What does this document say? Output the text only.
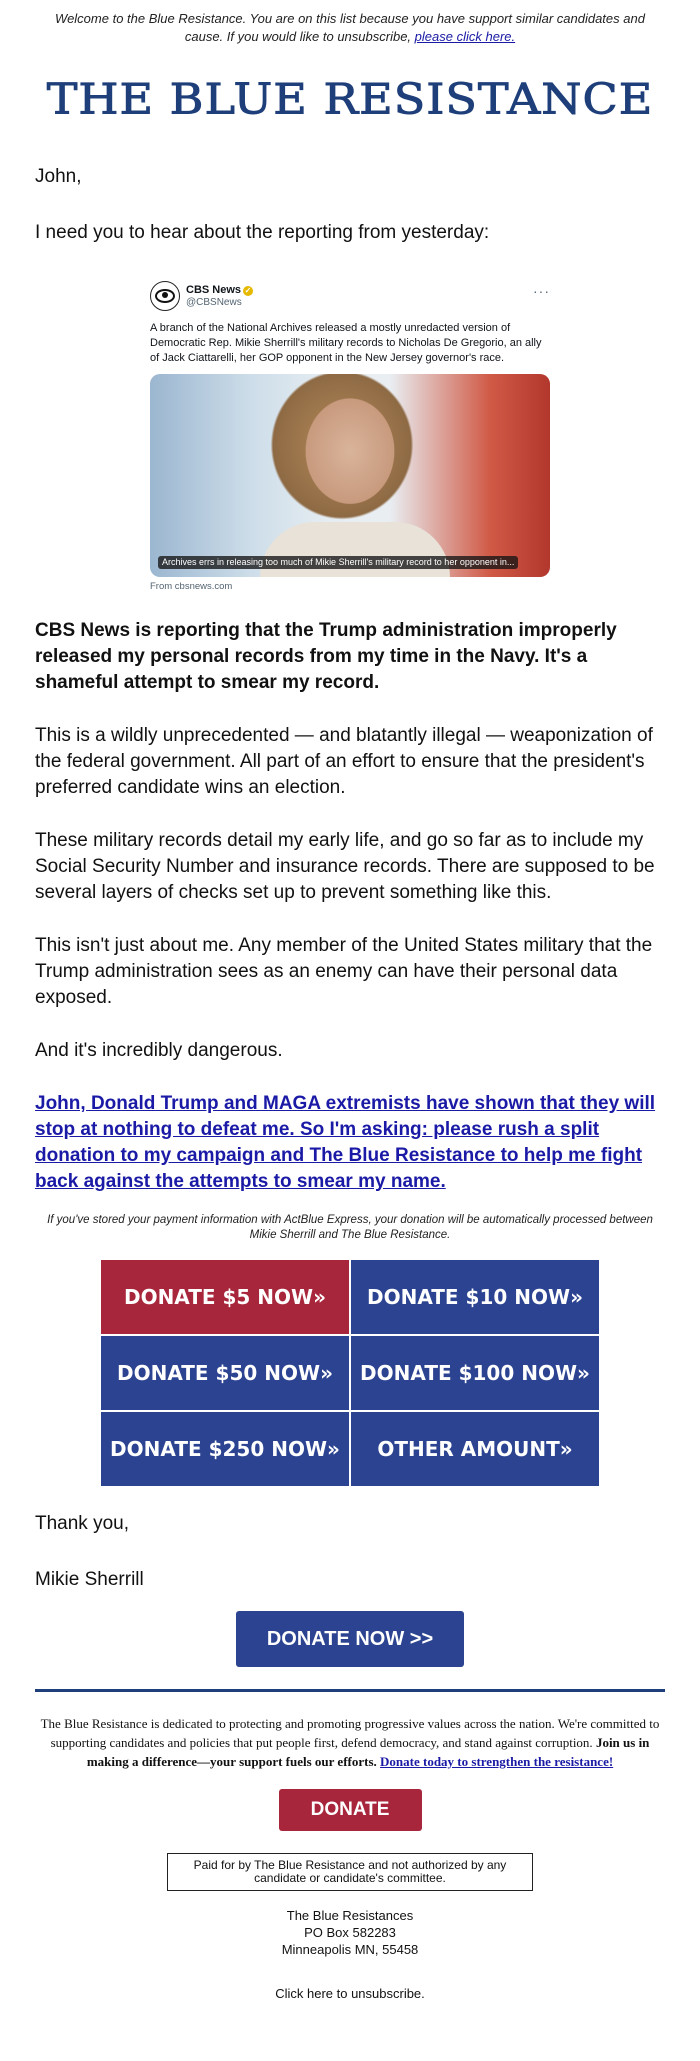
Welcome to the Blue Resistance. You are on this list because you have support similar candidates and cause. If you would like to unsubscribe, please click here.
THE BLUE RESISTANCE

John,

I need you to hear about the reporting from yesterday:

CBS News ✓
@CBSNews
···
A branch of the National Archives released a mostly unredacted version of Democratic Rep. Mikie Sherrill's military records to Nicholas De Gregorio, an ally of Jack Ciattarelli, her GOP opponent in the New Jersey governor's race.
Archives errs in releasing too much of Mikie Sherrill's military record to her opponent in...
From cbsnews.com

CBS News is reporting that the Trump administration improperly released my personal records from my time in the Navy. It's a shameful attempt to smear my record.

This is a wildly unprecedented — and blatantly illegal — weaponization of the federal government. All part of an effort to ensure that the president's preferred candidate wins an election.

These military records detail my early life, and go so far as to include my Social Security Number and insurance records. There are supposed to be several layers of checks set up to prevent something like this.

This isn't just about me. Any member of the United States military that the Trump administration sees as an enemy can have their personal data exposed.

And it's incredibly dangerous.

John, Donald Trump and MAGA extremists have shown that they will stop at nothing to defeat me. So I'm asking: please rush a split donation to my campaign and The Blue Resistance to help me fight back against the attempts to smear my name.

If you've stored your payment information with ActBlue Express, your donation will be automatically processed between Mikie Sherrill and The Blue Resistance.
DONATE $5 NOW»	DONATE $10 NOW»
DONATE $50 NOW»	DONATE $100 NOW»
DONATE $250 NOW»	OTHER AMOUNT»

Thank you,

Mikie Sherrill

DONATE NOW >>
The Blue Resistance is dedicated to protecting and promoting progressive values across the nation. We're committed to supporting candidates and policies that put people first, defend democracy, and stand against corruption. Join us in making a difference—your support fuels our efforts. Donate today to strengthen the resistance!
DONATE
Paid for by The Blue Resistance and not authorized by any candidate or candidate's committee.
The Blue Resistances
PO Box 582283
Minneapolis MN, 55458
Click here to unsubscribe.
